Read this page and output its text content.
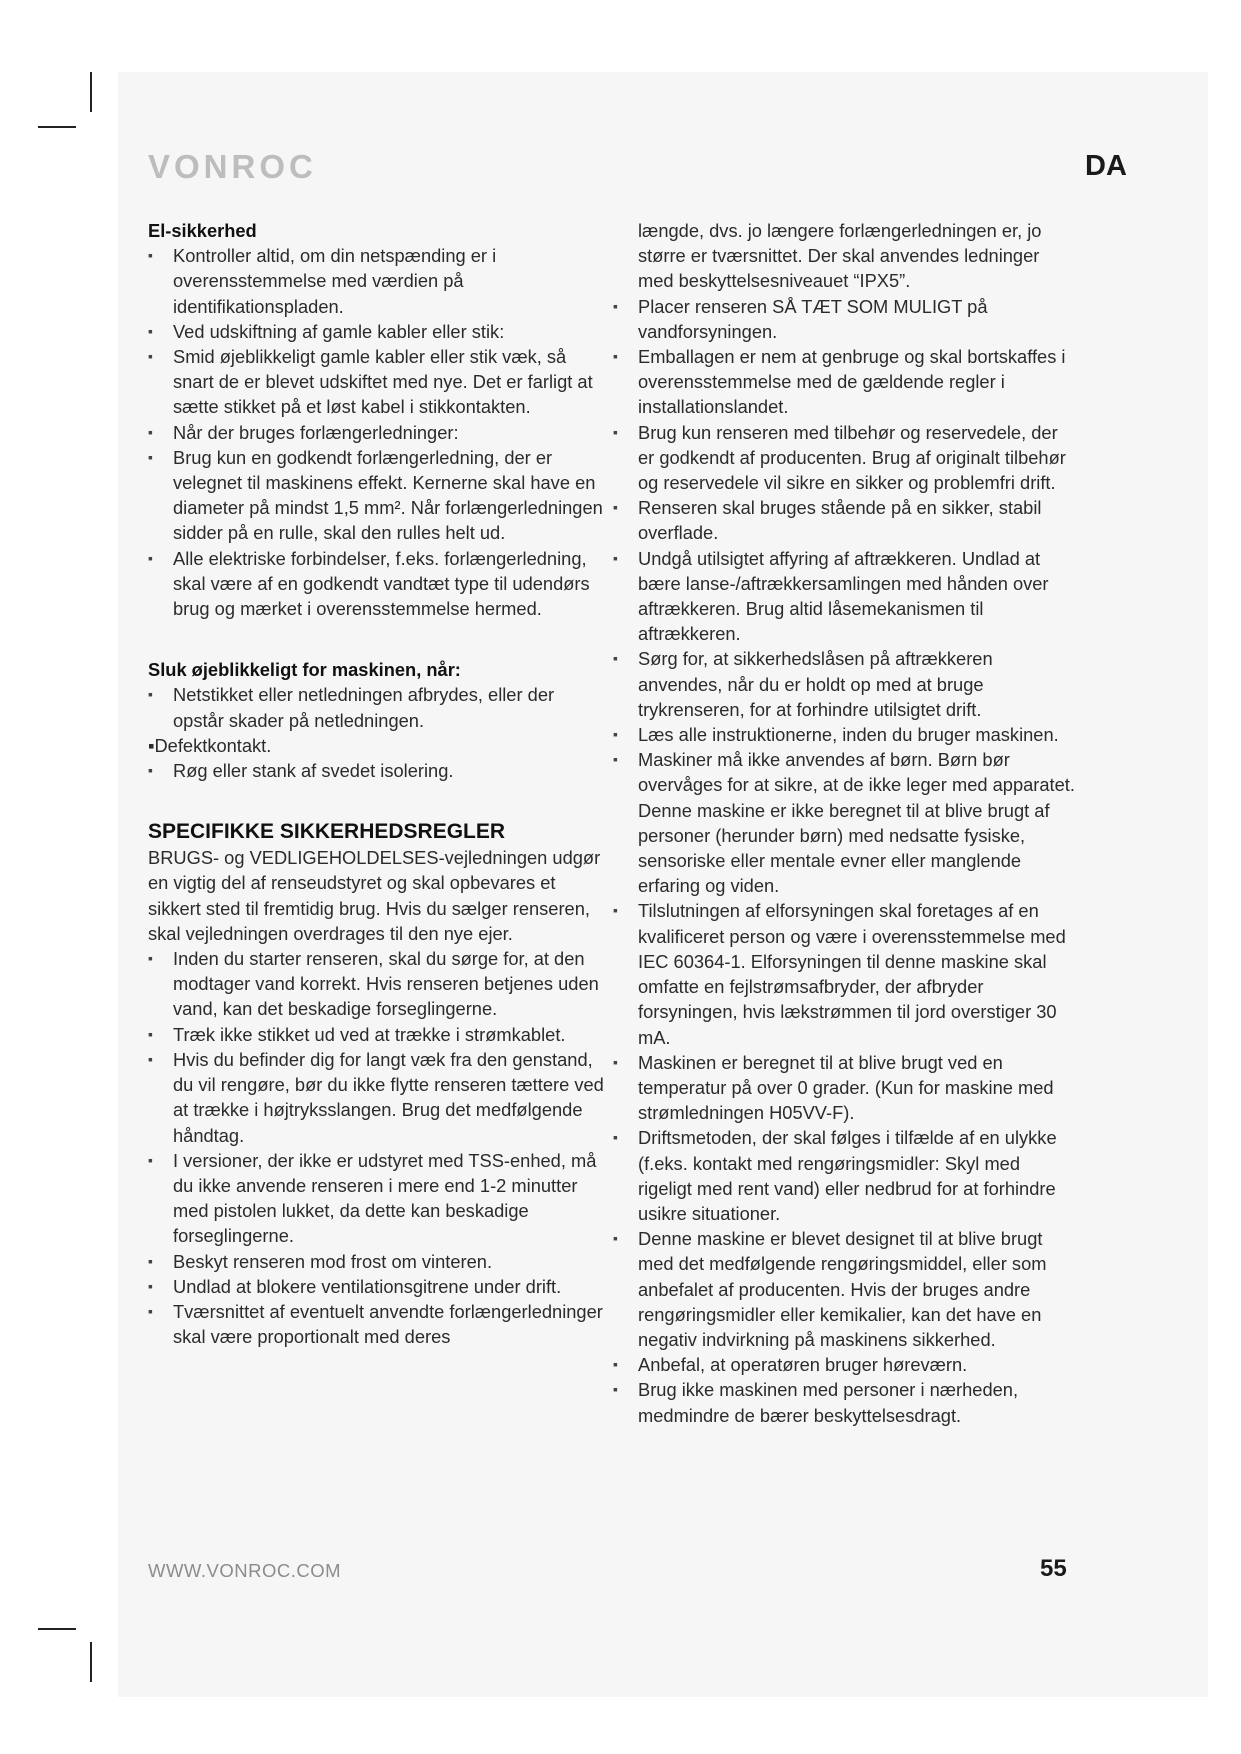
VONROC	DA
El-sikkerhed
▪ Kontroller altid, om din netspænding er i overensstemmelse med værdien på identifikationspladen.
▪ Ved udskiftning af gamle kabler eller stik:
▪ Smid øjeblikkeligt gamle kabler eller stik væk, så snart de er blevet udskiftet med nye. Det er farligt at sætte stikket på et løst kabel i stikkontakten.
▪ Når der bruges forlængerledninger:
▪ Brug kun en godkendt forlængerledning, der er velegnet til maskinens effekt. Kernerne skal have en diameter på mindst 1,5 mm². Når forlængerledningen sidder på en rulle, skal den rulles helt ud.
▪ Alle elektriske forbindelser, f.eks. forlængerledning, skal være af en godkendt vandtæt type til udendørs brug og mærket i overensstemmelse hermed.
Sluk øjeblikkeligt for maskinen, når:
▪ Netstikket eller netledningen afbrydes, eller der opstår skader på netledningen.
▪Defektkontakt.
▪ Røg eller stank af svedet isolering.
SPECIFIKKE SIKKERHEDSREGLER

BRUGS- og VEDLIGEHOLDELSES-vejledningen udgør en vigtig del af renseudstyret og skal opbevares et sikkert sted til fremtidig brug. Hvis du sælger renseren, skal vejledningen overdrages til den nye ejer.

▪ Inden du starter renseren, skal du sørge for, at den modtager vand korrekt. Hvis renseren betjenes uden vand, kan det beskadige forseglingerne.
▪ Træk ikke stikket ud ved at trække i strømkablet.
▪ Hvis du befinder dig for langt væk fra den genstand, du vil rengøre, bør du ikke flytte renseren tættere ved at trække i højtryksslangen. Brug det medfølgende håndtag.
▪ I versioner, der ikke er udstyret med TSS-enhed, må du ikke anvende renseren i mere end 1-2 minutter med pistolen lukket, da dette kan beskadige forseglingerne.
▪ Beskyt renseren mod frost om vinteren.
▪ Undlad at blokere ventilationsgitrene under drift.
▪ Tværsnittet af eventuelt anvendte forlængerledninger skal være proportionalt med deres
længde, dvs. jo længere forlængerledningen er, jo større er tværsnittet. Der skal anvendes ledninger med beskyttelsesniveauet “IPX5”.
▪ Placer renseren SÅ TÆT SOM MULIGT på vandforsyningen.
▪ Emballagen er nem at genbruge og skal bortskaffes i overensstemmelse med de gældende regler i installationslandet.
▪ Brug kun renseren med tilbehør og reservedele, der er godkendt af producenten. Brug af originalt tilbehør og reservedele vil sikre en sikker og problemfri drift.
▪ Renseren skal bruges stående på en sikker, stabil overflade.
▪ Undgå utilsigtet affyring af aftrækkeren. Undlad at bære lanse-/aftrækkersamlingen med hånden over aftrækkeren. Brug altid låsemekanismen til aftrækkeren.
▪ Sørg for, at sikkerhedslåsen på aftrækkeren anvendes, når du er holdt op med at bruge trykrenseren, for at forhindre utilsigtet drift.
▪ Læs alle instruktionerne, inden du bruger maskinen.
▪ Maskiner må ikke anvendes af børn. Børn bør overvåges for at sikre, at de ikke leger med apparatet. Denne maskine er ikke beregnet til at blive brugt af personer (herunder børn) med nedsatte fysiske, sensoriske eller mentale evner eller manglende erfaring og viden.
▪ Tilslutningen af elforsyningen skal foretages af en kvalificeret person og være i overensstemmelse med IEC 60364-1. Elforsyningen til denne maskine skal omfatte en fejlstrømsafbryder, der afbryder forsyningen, hvis lækstrømmen til jord overstiger 30 mA.
▪ Maskinen er beregnet til at blive brugt ved en temperatur på over 0 grader. (Kun for maskine med strømledningen H05VV-F).
▪ Driftsmetoden, der skal følges i tilfælde af en ulykke (f.eks. kontakt med rengøringsmidler: Skyl med rigeligt med rent vand) eller nedbrud for at forhindre usikre situationer.
▪ Denne maskine er blevet designet til at blive brugt med det medfølgende rengøringsmiddel, eller som anbefalet af producenten. Hvis der bruges andre rengøringsmidler eller kemikalier, kan det have en negativ indvirkning på maskinens sikkerhed.
▪ Anbefal, at operatøren bruger høreværn.
▪ Brug ikke maskinen med personer i nærheden, medmindre de bærer beskyttelsesdragt.
WWW.VONROC.COM	55
